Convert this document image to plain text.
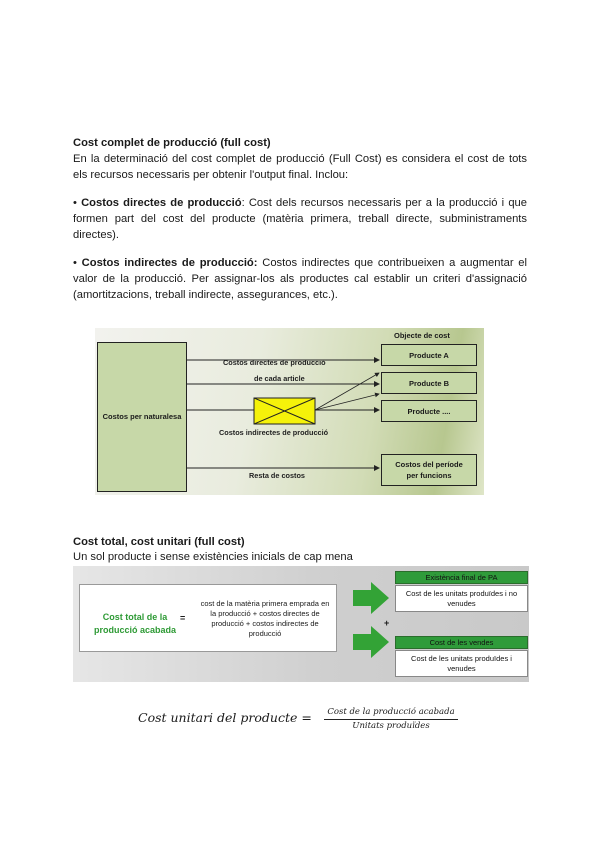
Cost complet de producció (full cost)
En la determinació del cost complet de producció (Full Cost) es considera el cost de tots els recursos necessaris per obtenir l'output final. Inclou:
• Costos directes de producció: Cost dels recursos necessaris per a la producció i que formen part del cost del producte (matèria primera, treball directe, subministraments directes).
• Costos indirectes de producció: Costos indirectes que contribueixen a augmentar el valor de la producció. Per assignar-los als productes cal establir un criteri d'assignació (amortitzacions, treball indirecte, assegurances, etc.).
Objecte de cost
Costos per naturalesa
Producte A
Producte B
Producte ....
Costos del període
per funcions
Costos directes de producció
de cada article
Costos indirectes de producció
Resta de costos
Cost total, cost unitari (full cost)
Un sol producte i sense existències inicials de cap mena
Cost total de la producció acabada
=
cost de la matèria primera emprada en la producció + costos directes de producció + costos indirectes de producció
Existència final de PA
Cost de les unitats produïdes i no venudes
Cost de les vendes
Cost de les unitats produïdes i venudes
+
Cost unitari del producte =	Cost de la producció acabada
Unitats produïdes
